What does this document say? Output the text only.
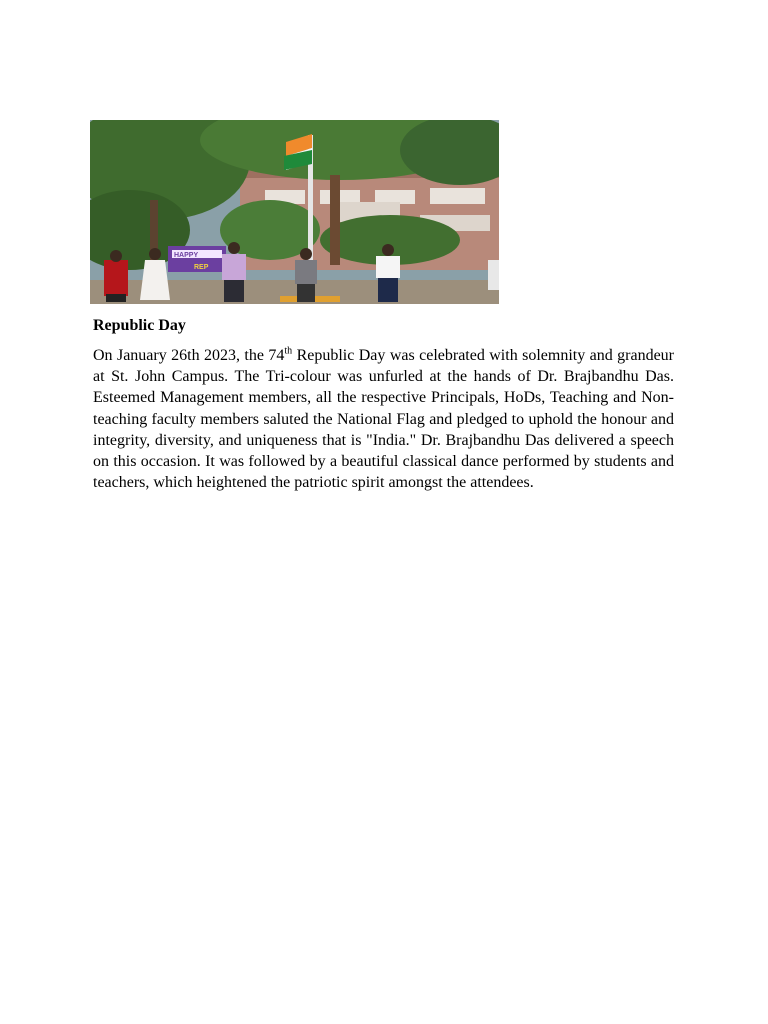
HAPPY
REP
Republic Day

On January 26th 2023, the 74th Republic Day was celebrated with solemnity and grandeur at St. John Campus. The Tri-colour was unfurled at the hands of Dr. Brajbandhu Das. Esteemed Management members, all the respective Principals, HoDs, Teaching and Non-teaching faculty members saluted the National Flag and pledged to uphold the honour and integrity, diversity, and uniqueness that is "India." Dr. Brajbandhu Das delivered a speech on this occasion. It was followed by a beautiful classical dance performed by students and teachers, which heightened the patriotic spirit amongst the attendees.
